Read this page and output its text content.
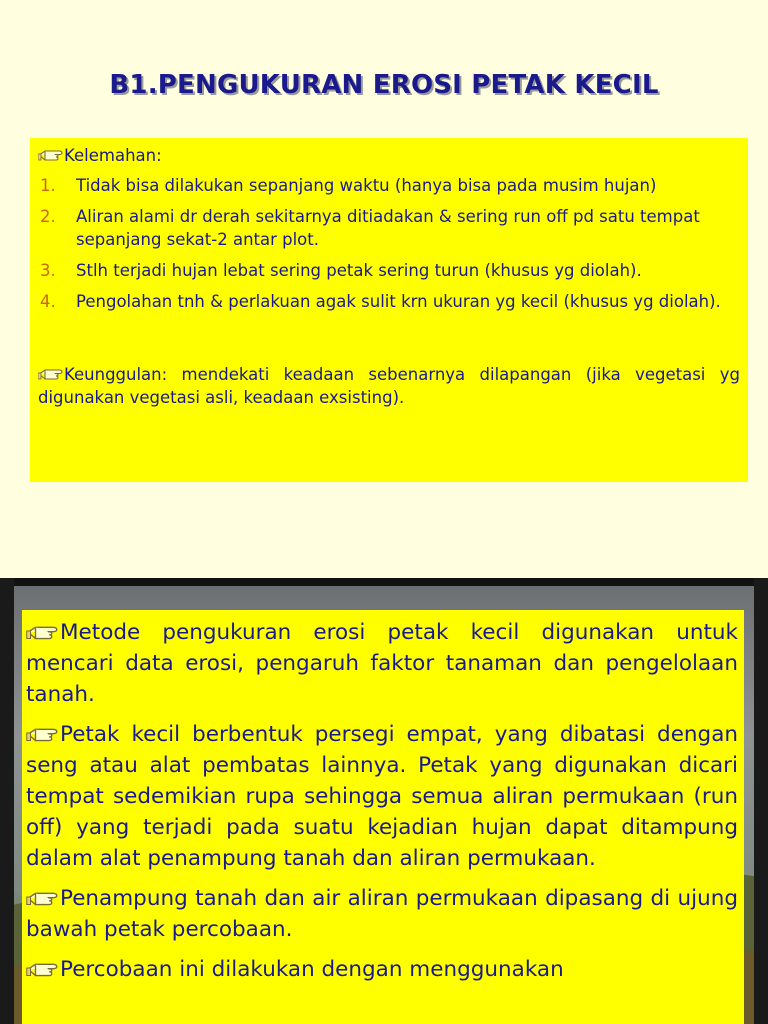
B1.PENGUKURAN EROSI PETAK KECIL

Kelemahan:

1. Tidak bisa dilakukan sepanjang waktu (hanya bisa pada musim hujan)
2. Aliran alami dr derah sekitarnya ditiadakan & sering run off pd satu tempat sepanjang sekat-2 antar plot.
3. Stlh terjadi hujan lebat sering petak sering turun (khusus yg diolah).
4. Pengolahan tnh & perlakuan agak sulit krn ukuran yg kecil (khusus yg diolah).

Keunggulan: mendekati keadaan sebenarnya dilapangan (jika vegetasi yg digunakan vegetasi asli, keadaan exsisting).

Metode pengukuran erosi petak kecil digunakan untuk mencari data erosi, pengaruh faktor tanaman dan pengelolaan tanah.

Petak kecil berbentuk persegi empat, yang dibatasi dengan seng atau alat pembatas lainnya. Petak yang digunakan dicari tempat sedemikian rupa sehingga semua aliran permukaan (run off) yang terjadi pada suatu kejadian hujan dapat ditampung dalam alat penampung tanah dan aliran permukaan.

Penampung tanah dan air aliran permukaan dipasang di ujung bawah petak percobaan.

Percobaan ini dilakukan dengan menggunakan
